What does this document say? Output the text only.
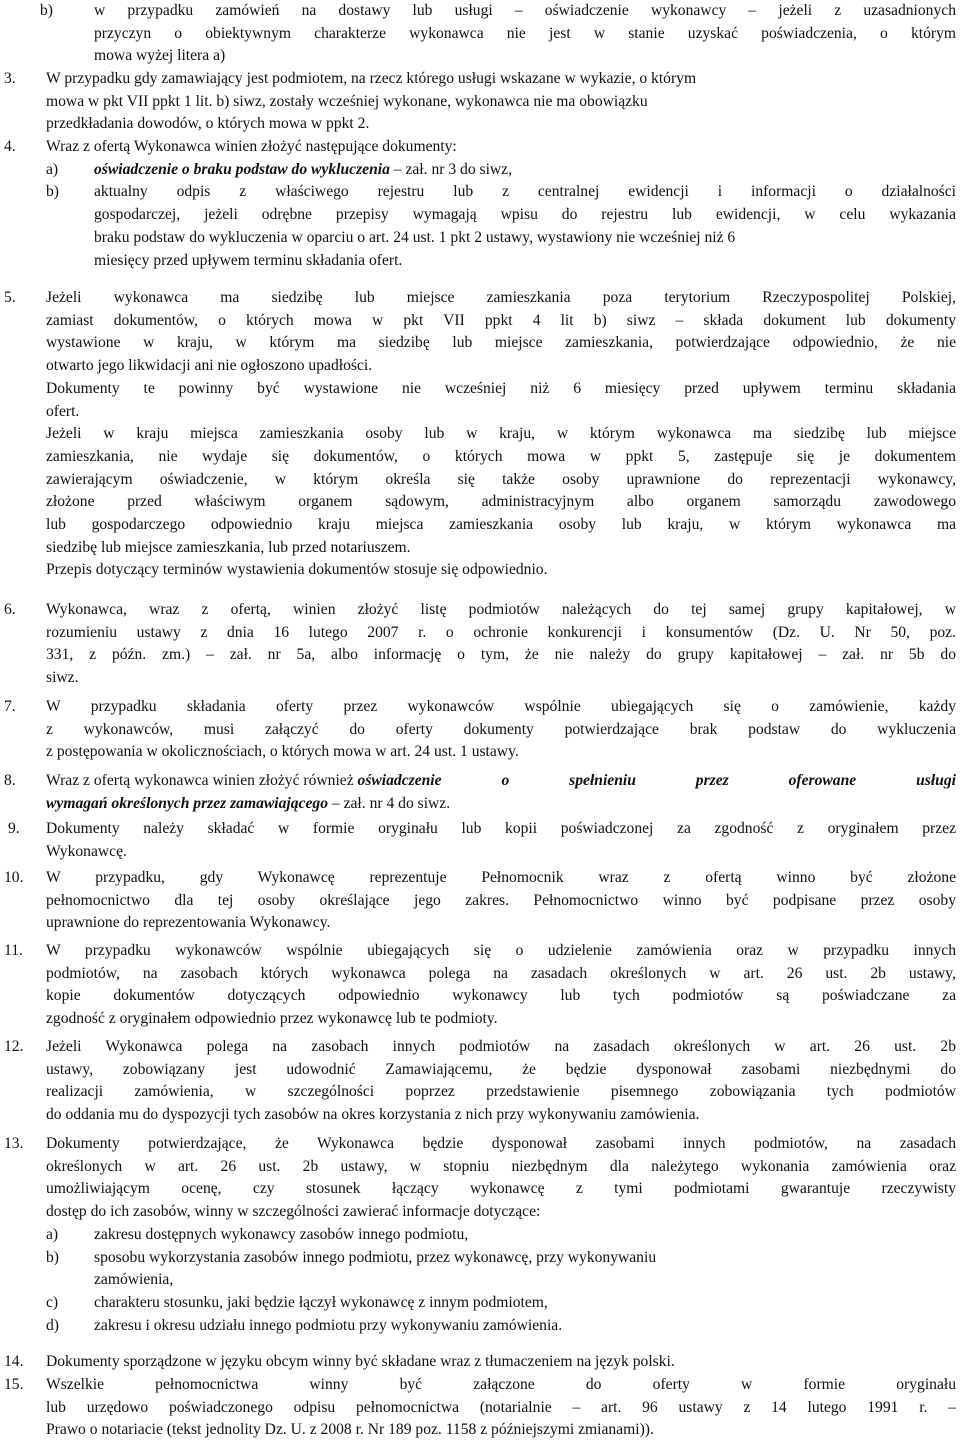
b)	w przypadku zamówień na dostawy lub usługi – oświadczenie wykonawcy – jeżeli z uzasadnionych
przyczyn o obiektywnym charakterze wykonawca nie jest w stanie uzyskać poświadczenia, o którym
mowa wyżej litera a)
3. W przypadku gdy zamawiający jest podmiotem, na rzecz którego usługi wskazane w wykazie, o którym
mowa w pkt VII ppkt 1 lit. b) siwz, zostały wcześniej wykonane, wykonawca nie ma obowiązku
przedkładania dowodów, o których mowa w ppkt 2.
4. Wraz z ofertą Wykonawca winien złożyć następujące dokumenty:
a) oświadczenie o braku podstaw do wykluczenia – zał. nr 3 do siwz,
b) aktualny odpis z właściwego rejestru lub z centralnej ewidencji i informacji o działalności
gospodarczej, jeżeli odrębne przepisy wymagają wpisu do rejestru lub ewidencji, w celu wykazania
braku podstaw do wykluczenia w oparciu o art. 24 ust. 1 pkt 2 ustawy, wystawiony nie wcześniej niż 6
miesięcy przed upływem terminu składania ofert.
5. Jeżeli wykonawca ma siedzibę lub miejsce zamieszkania poza terytorium Rzeczypospolitej Polskiej,
zamiast dokumentów, o których mowa w pkt VII ppkt 4 lit b) siwz – składa dokument lub dokumenty
wystawione w kraju, w którym ma siedzibę lub miejsce zamieszkania, potwierdzające odpowiednio, że nie
otwarto jego likwidacji ani nie ogłoszono upadłości.
Dokumenty te powinny być wystawione nie wcześniej niż 6 miesięcy przed upływem terminu składania
ofert.
Jeżeli w kraju miejsca zamieszkania osoby lub w kraju, w którym wykonawca ma siedzibę lub miejsce
zamieszkania, nie wydaje się dokumentów, o których mowa w ppkt 5, zastępuje się je dokumentem
zawierającym oświadczenie, w którym określa się także osoby uprawnione do reprezentacji wykonawcy,
złożone przed właściwym organem sądowym, administracyjnym albo organem samorządu zawodowego
lub gospodarczego odpowiednio kraju miejsca zamieszkania osoby lub kraju, w którym wykonawca ma
siedzibę lub miejsce zamieszkania, lub przed notariuszem.
Przepis dotyczący terminów wystawienia dokumentów stosuje się odpowiednio.
6. Wykonawca, wraz z ofertą, winien złożyć listę podmiotów należących do tej samej grupy kapitałowej, w
rozumieniu ustawy z dnia 16 lutego 2007 r. o ochronie konkurencji i konsumentów (Dz. U. Nr 50, poz.
331, z późn. zm.) – zał. nr 5a, albo informację o tym, że nie należy do grupy kapitałowej – zał. nr 5b do
siwz.
7. W przypadku składania oferty przez wykonawców wspólnie ubiegających się o zamówienie, każdy
z wykonawców, musi załączyć do oferty dokumenty potwierdzające brak podstaw do wykluczenia
z postępowania w okolicznościach, o których mowa w art. 24 ust. 1 ustawy.
8. Wraz z ofertą wykonawca winien złożyć również oświadczenie o spełnieniu przez oferowane usługi
wymagań określonych przez zamawiającego – zał. nr 4 do siwz.
9. Dokumenty należy składać w formie oryginału lub kopii poświadczonej za zgodność z oryginałem przez
Wykonawcę.
10. W przypadku, gdy Wykonawcę reprezentuje Pełnomocnik wraz z ofertą winno być złożone
pełnomocnictwo dla tej osoby określające jego zakres. Pełnomocnictwo winno być podpisane przez osoby
uprawnione do reprezentowania Wykonawcy.
11. W przypadku wykonawców wspólnie ubiegających się o udzielenie zamówienia oraz w przypadku innych
podmiotów, na zasobach których wykonawca polega na zasadach określonych w art. 26 ust. 2b ustawy,
kopie dokumentów dotyczących odpowiednio wykonawcy lub tych podmiotów są poświadczane za
zgodność z oryginałem odpowiednio przez wykonawcę lub te podmioty.
12. Jeżeli Wykonawca polega na zasobach innych podmiotów na zasadach określonych w art. 26 ust. 2b
ustawy, zobowiązany jest udowodnić Zamawiającemu, że będzie dysponował zasobami niezbędnymi do
realizacji zamówienia, w szczególności poprzez przedstawienie pisemnego zobowiązania tych podmiotów
do oddania mu do dyspozycji tych zasobów na okres korzystania z nich przy wykonywaniu zamówienia.
13. Dokumenty potwierdzające, że Wykonawca będzie dysponował zasobami innych podmiotów, na zasadach
określonych w art. 26 ust. 2b ustawy, w stopniu niezbędnym dla należytego wykonania zamówienia oraz
umożliwiającym ocenę, czy stosunek łączący wykonawcę z tymi podmiotami gwarantuje rzeczywisty
dostęp do ich zasobów, winny w szczególności zawierać informacje dotyczące:
a) zakresu dostępnych wykonawcy zasobów innego podmiotu,
b) sposobu wykorzystania zasobów innego podmiotu, przez wykonawcę, przy wykonywaniu
zamówienia,
c) charakteru stosunku, jaki będzie łączył wykonawcę z innym podmiotem,
d) zakresu i okresu udziału innego podmiotu przy wykonywaniu zamówienia.
14. Dokumenty sporządzone w języku obcym winny być składane wraz z tłumaczeniem na język polski.
15. Wszelkie pełnomocnictwa winny być załączone do oferty w formie oryginału
lub urzędowo poświadczonego odpisu pełnomocnictwa (notarialnie – art. 96 ustawy z 14 lutego 1991 r. –
Prawo o notariacie (tekst jednolity Dz. U. z 2008 r. Nr 189 poz. 1158 z późniejszymi zmianami)).
